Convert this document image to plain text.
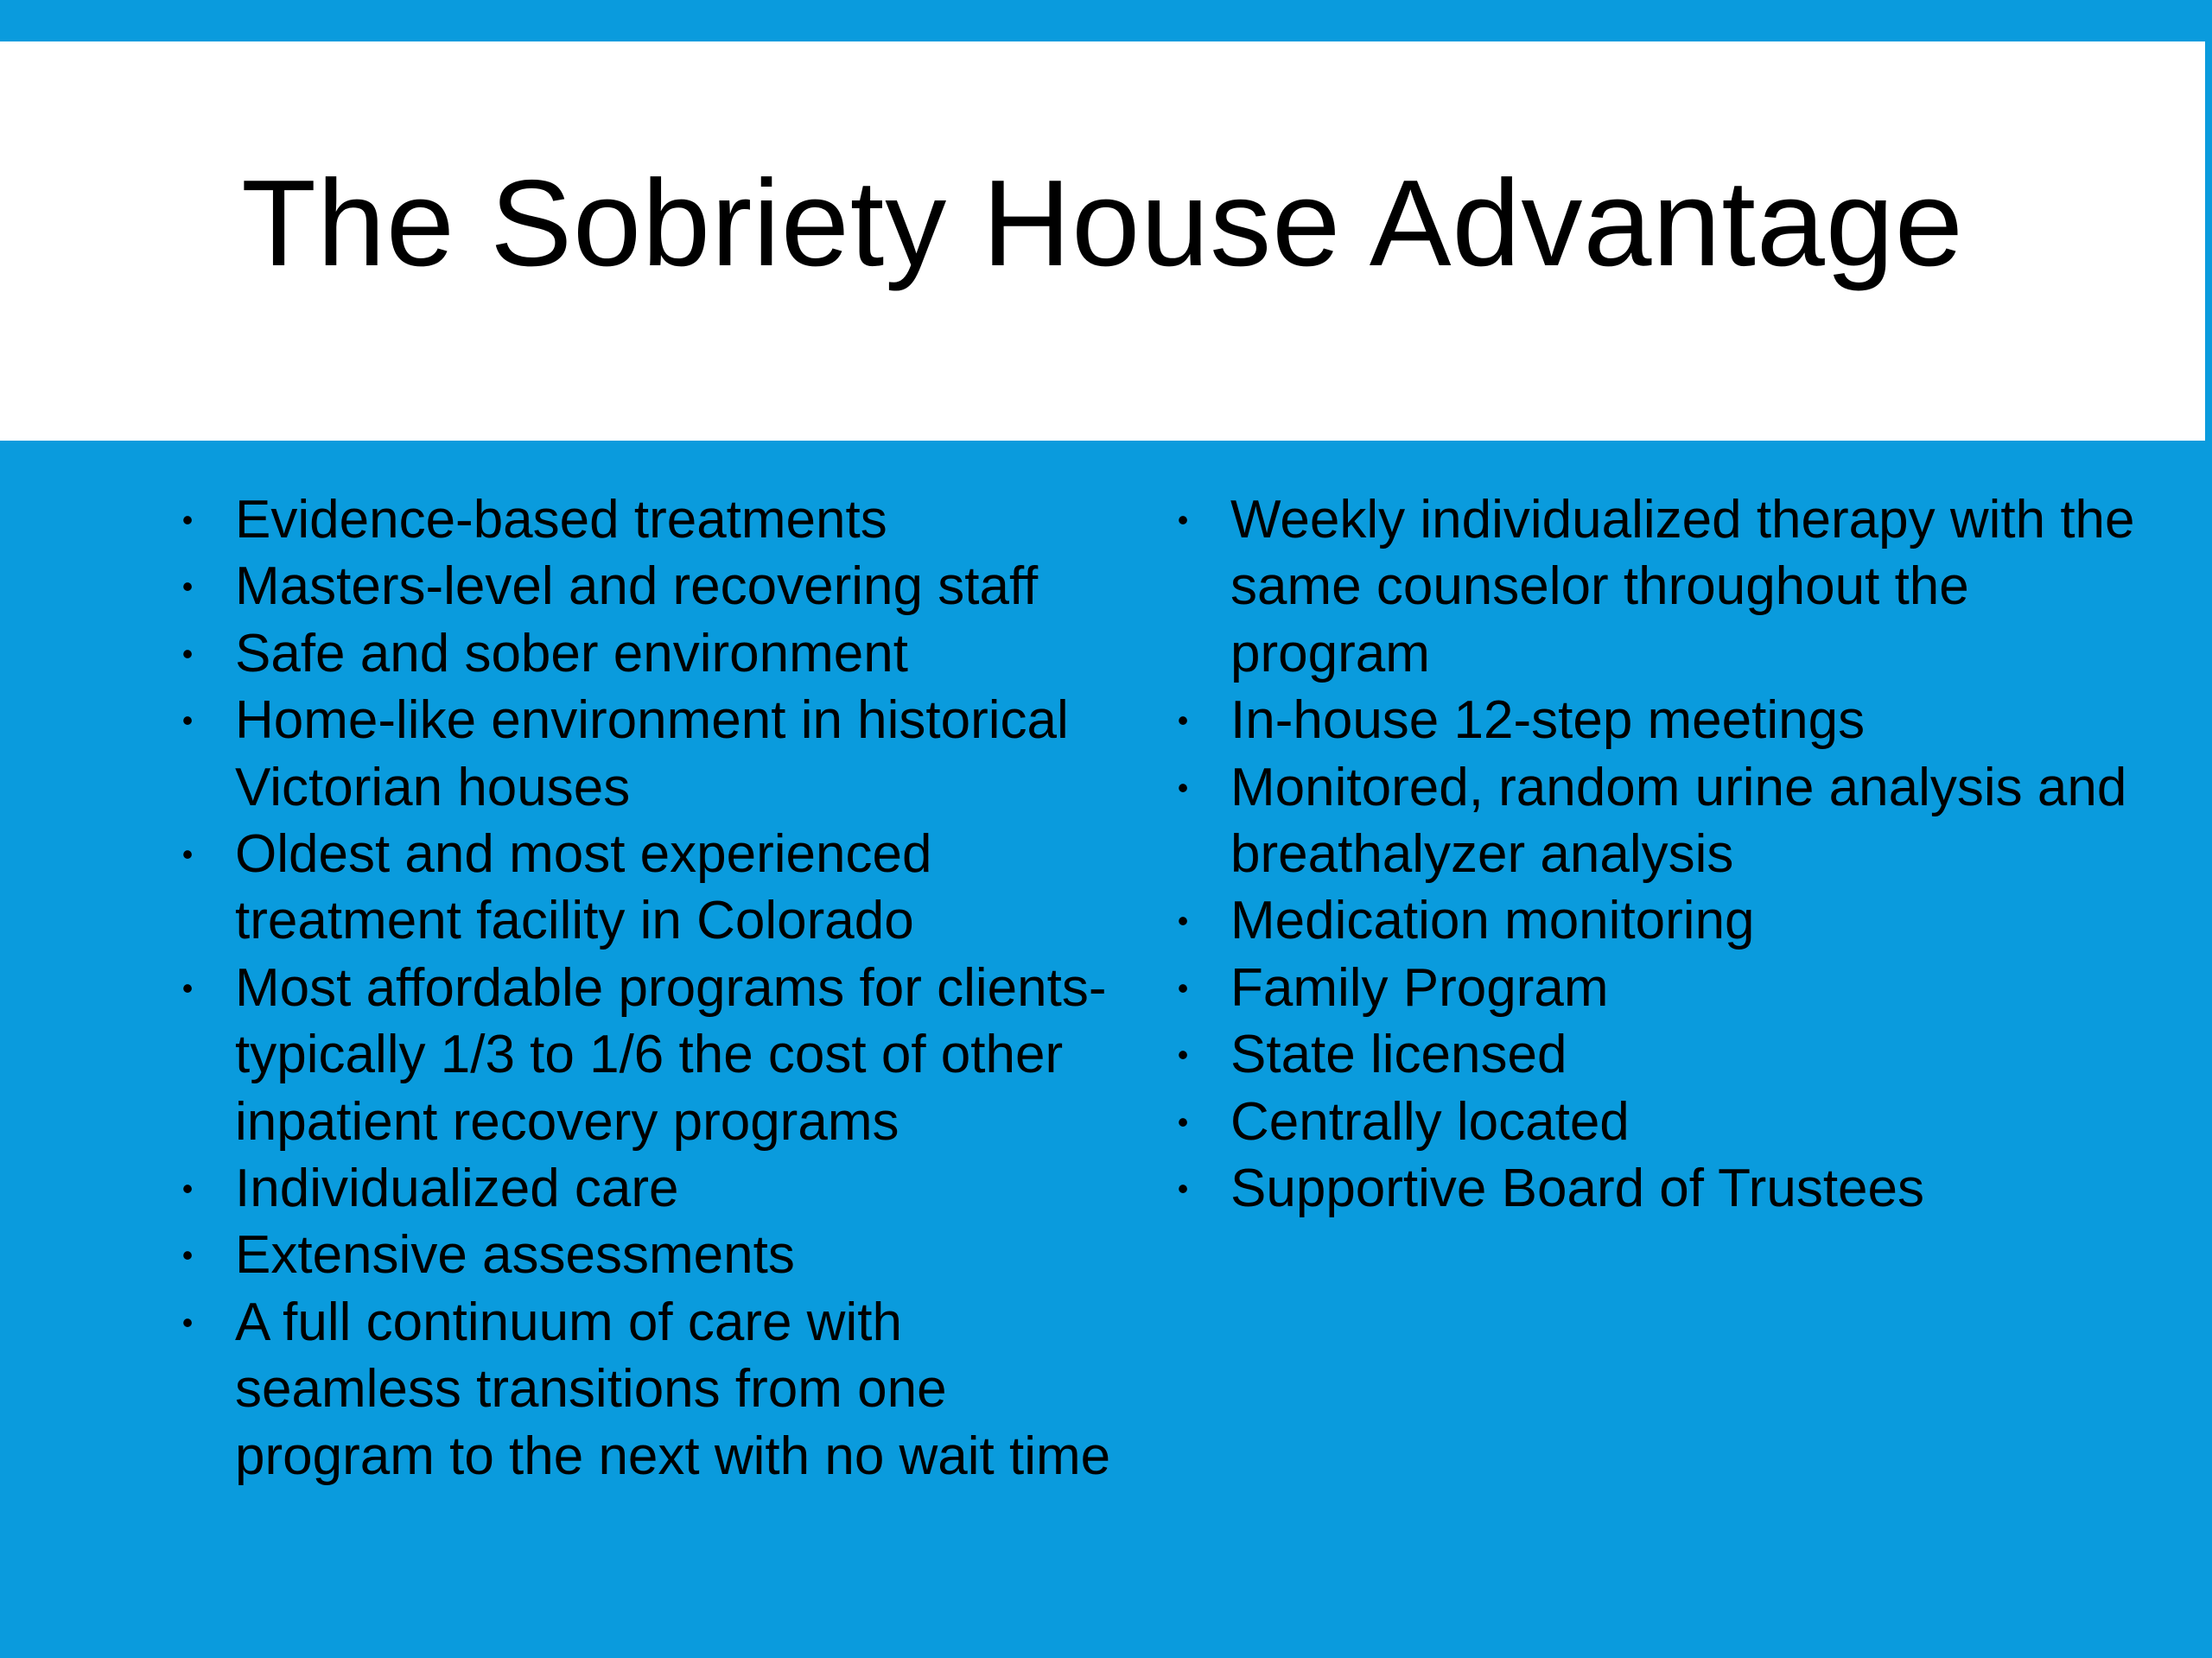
The Sobriety House Advantage
• Evidence-based treatments
• Masters-level and recovering staff
• Safe and sober environment
• Home-like environment in historical Victorian houses
• Oldest and most experienced treatment facility in Colorado
• Most affordable programs for clients- typically 1/3 to 1/6 the cost of other inpatient recovery programs
• Individualized care
• Extensive assessments
• A full continuum of care with seamless transitions from one program to the next with no wait time
• Weekly individualized therapy with the same counselor throughout the program
• In-house 12-step meetings
• Monitored, random urine analysis and breathalyzer analysis
• Medication monitoring
• Family Program
• State licensed
• Centrally located
• Supportive Board of Trustees
